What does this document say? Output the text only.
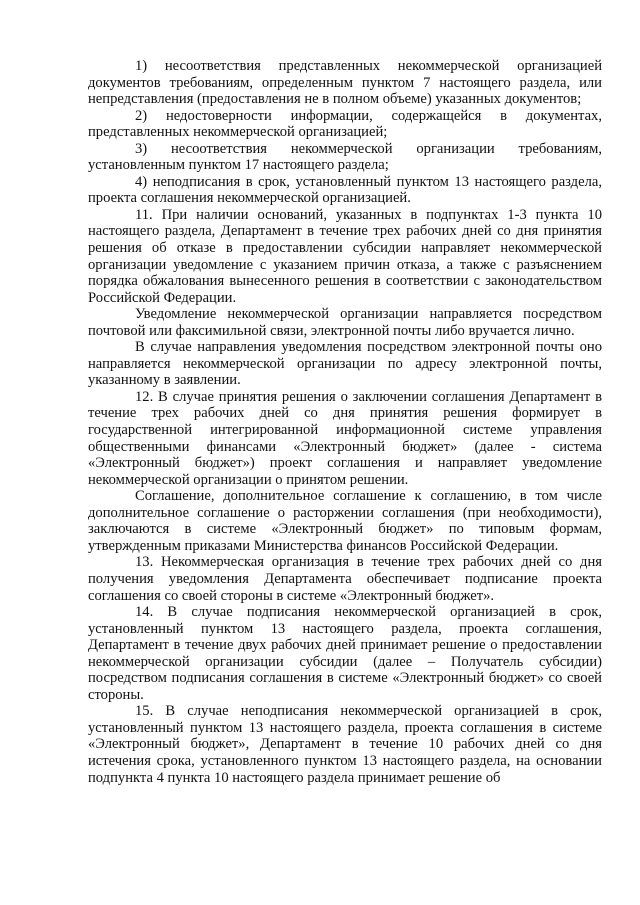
1) несоответствия представленных некоммерческой организацией документов требованиям, определенным пунктом 7 настоящего раздела, или непредставления (предоставления не в полном объеме) указанных документов;

2) недостоверности информации, содержащейся в документах, представленных некоммерческой организацией;

3) несоответствия некоммерческой организации требованиям, установленным пунктом 17 настоящего раздела;

4) неподписания в срок, установленный пунктом 13 настоящего раздела, проекта соглашения некоммерческой организацией.

11. При наличии оснований, указанных в подпунктах 1-3 пункта 10 настоящего раздела, Департамент в течение трех рабочих дней со дня принятия решения об отказе в предоставлении субсидии направляет некоммерческой организации уведомление с указанием причин отказа, а также с разъяснением порядка обжалования вынесенного решения в соответствии с законодательством Российской Федерации.

Уведомление некоммерческой организации направляется посредством почтовой или факсимильной связи, электронной почты либо вручается лично.

В случае направления уведомления посредством электронной почты оно направляется некоммерческой организации по адресу электронной почты, указанному в заявлении.

12. В случае принятия решения о заключении соглашения Департамент в течение трех рабочих дней со дня принятия решения формирует в государственной интегрированной информационной системе управления общественными финансами «Электронный бюджет» (далее - система «Электронный бюджет») проект соглашения и направляет уведомление некоммерческой организации о принятом решении.

Соглашение, дополнительное соглашение к соглашению, в том числе дополнительное соглашение о расторжении соглашения (при необходимости), заключаются в системе «Электронный бюджет» по типовым формам, утвержденным приказами Министерства финансов Российской Федерации.

13. Некоммерческая организация в течение трех рабочих дней со дня получения уведомления Департамента обеспечивает подписание проекта соглашения со своей стороны в системе «Электронный бюджет».

14. В случае подписания некоммерческой организацией в срок, установленный пунктом 13 настоящего раздела, проекта соглашения, Департамент в течение двух рабочих дней принимает решение о предоставлении некоммерческой организации субсидии (далее – Получатель субсидии) посредством подписания соглашения в системе «Электронный бюджет» со своей стороны.

15. В случае неподписания некоммерческой организацией в срок, установленный пунктом 13 настоящего раздела, проекта соглашения в системе «Электронный бюджет», Департамент в течение 10 рабочих дней со дня истечения срока, установленного пунктом 13 настоящего раздела, на основании подпункта 4 пункта 10 настоящего раздела принимает решение об
